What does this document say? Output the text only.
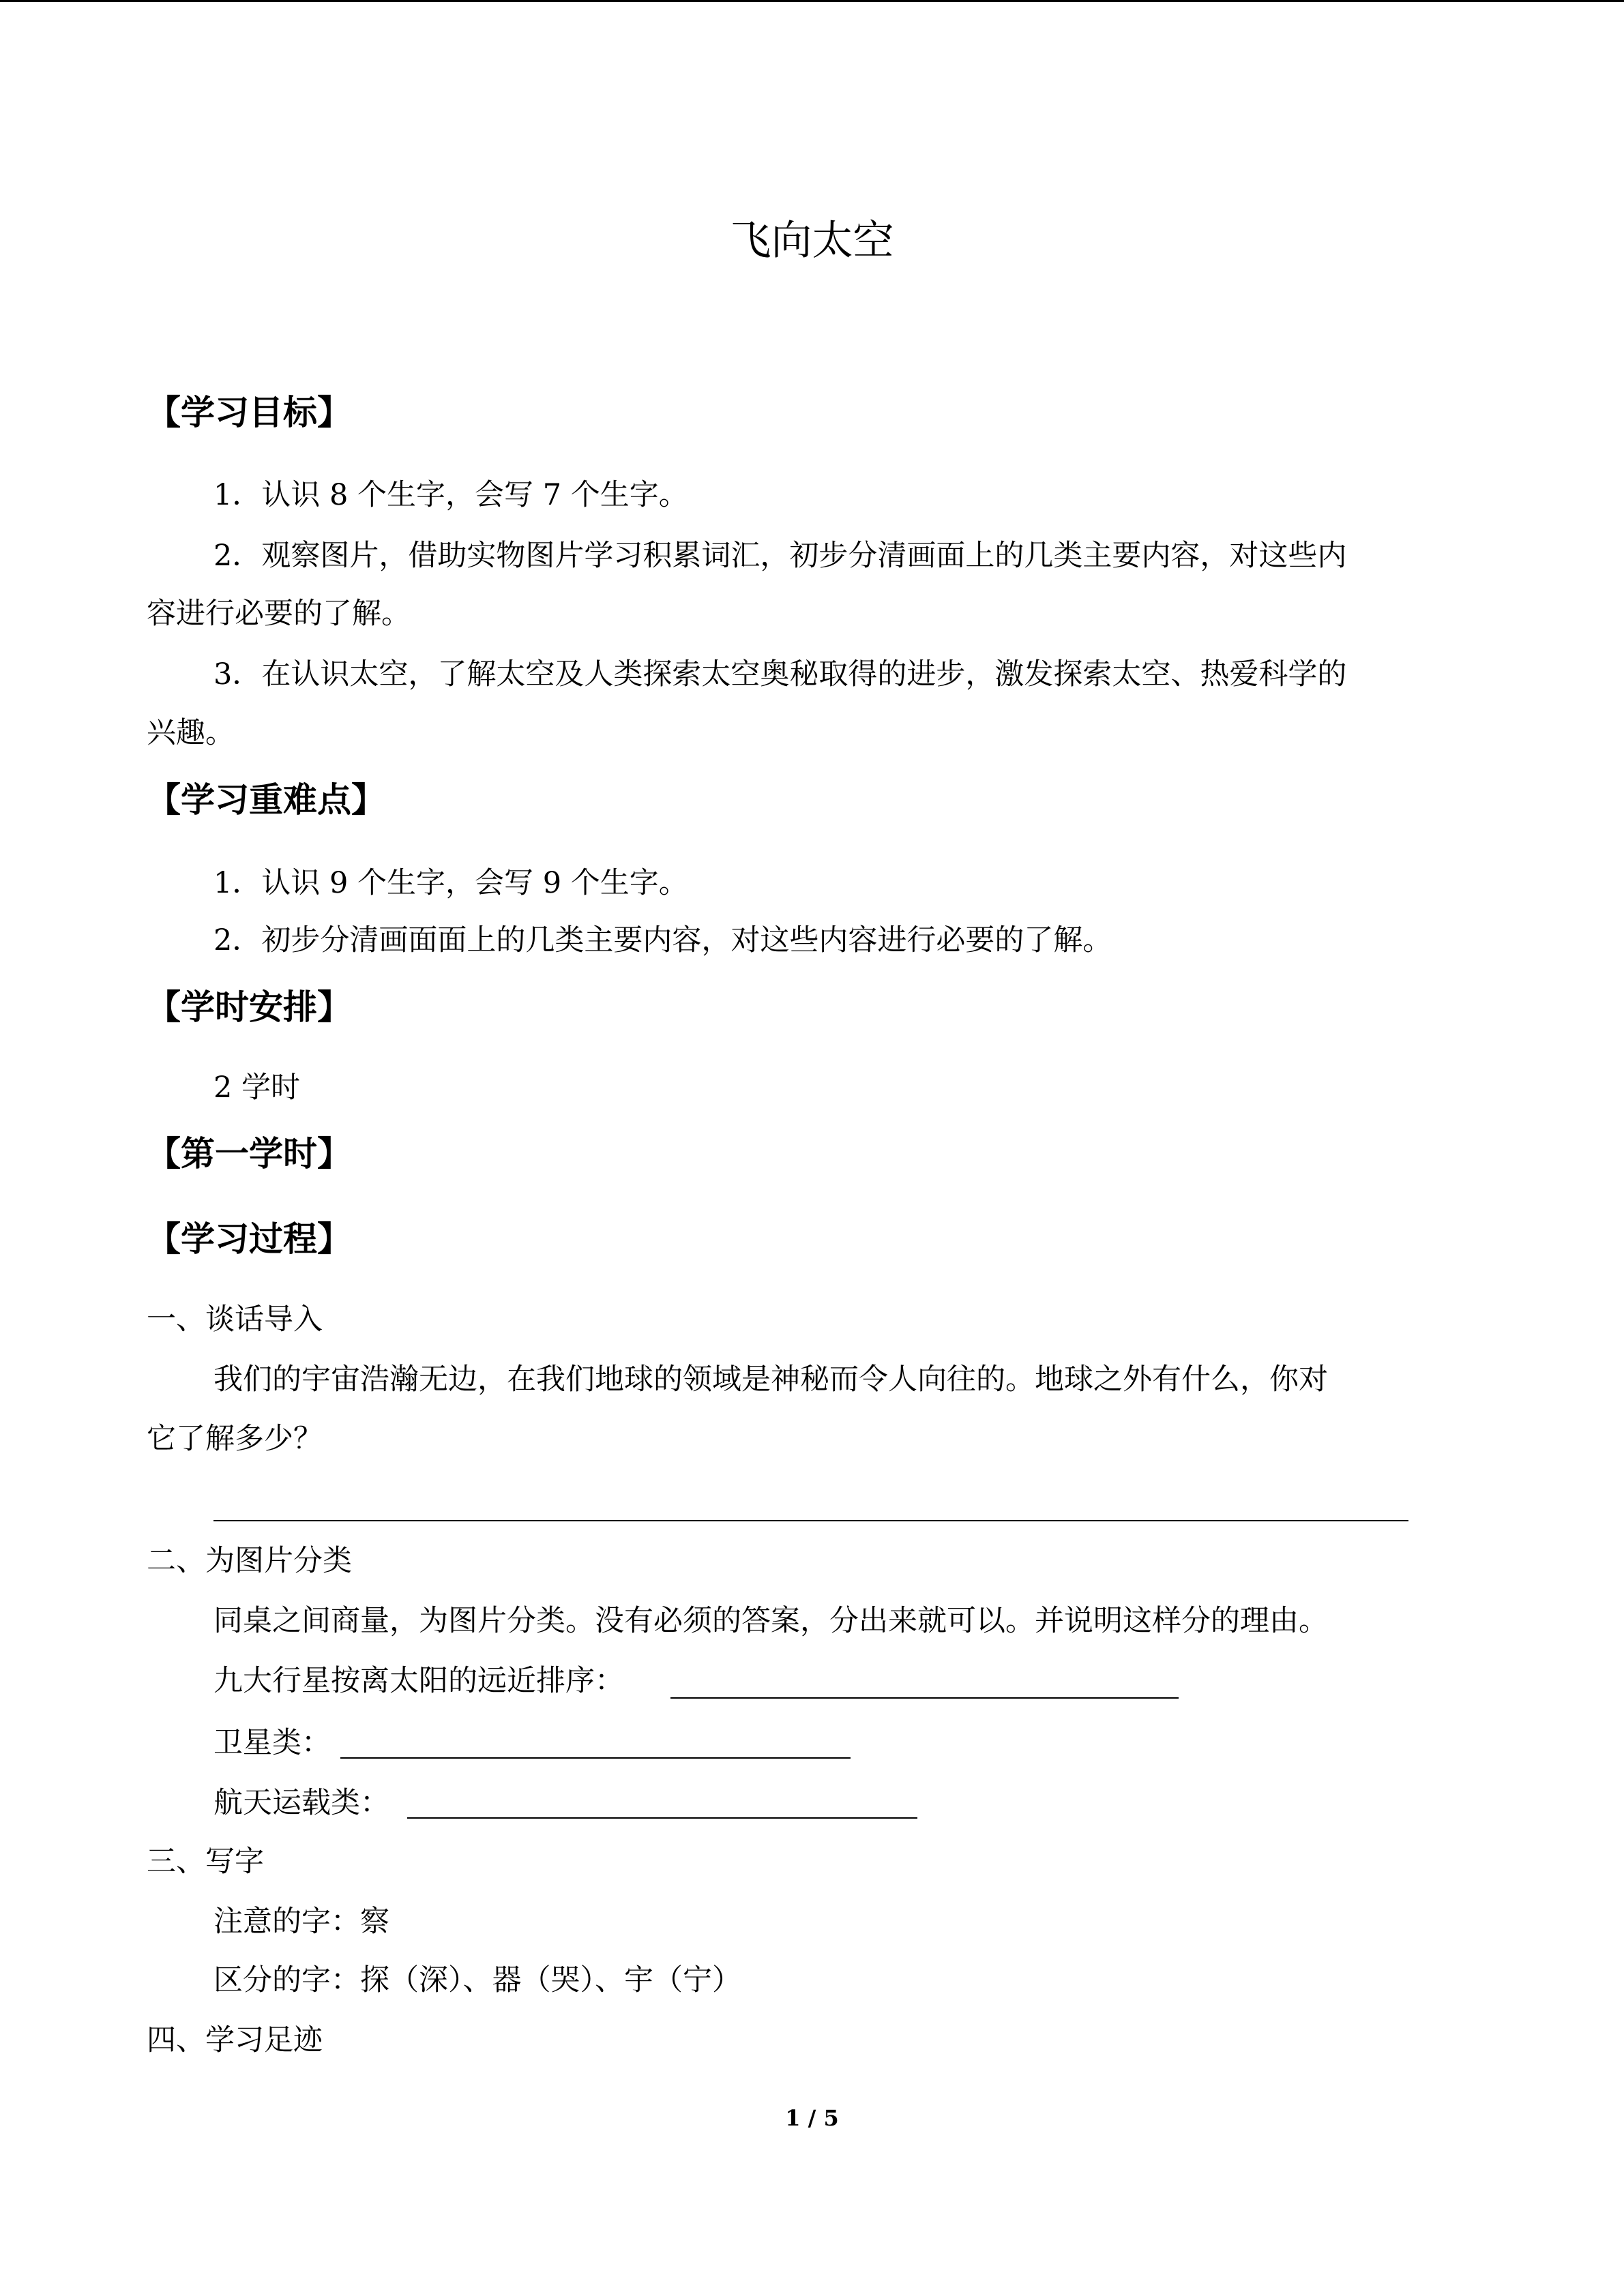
飞向太空
【学习目标】
1．认识 8 个生字，会写 7 个生字。
2．观察图片，借助实物图片学习积累词汇，初步分清画面上的几类主要内容，对这些内
容进行必要的了解。
3．在认识太空，了解太空及人类探索太空奥秘取得的进步，激发探索太空、热爱科学的
兴趣。
【学习重难点】
1．认识 9 个生字，会写 9 个生字。
2．初步分清画面面上的几类主要内容，对这些内容进行必要的了解。
【学时安排】
2 学时
【第一学时】
【学习过程】
一、谈话导入
我们的宇宙浩瀚无边，在我们地球的领域是神秘而令人向往的。地球之外有什么，你对
它了解多少？
二、为图片分类
同桌之间商量，为图片分类。没有必须的答案，分出来就可以。并说明这样分的理由。
九大行星按离太阳的远近排序：
卫星类：
航天运载类：
三、写字
注意的字：察
区分的字：探（深）、器（哭）、宇（宁）
四、学习足迹
1 / 5
